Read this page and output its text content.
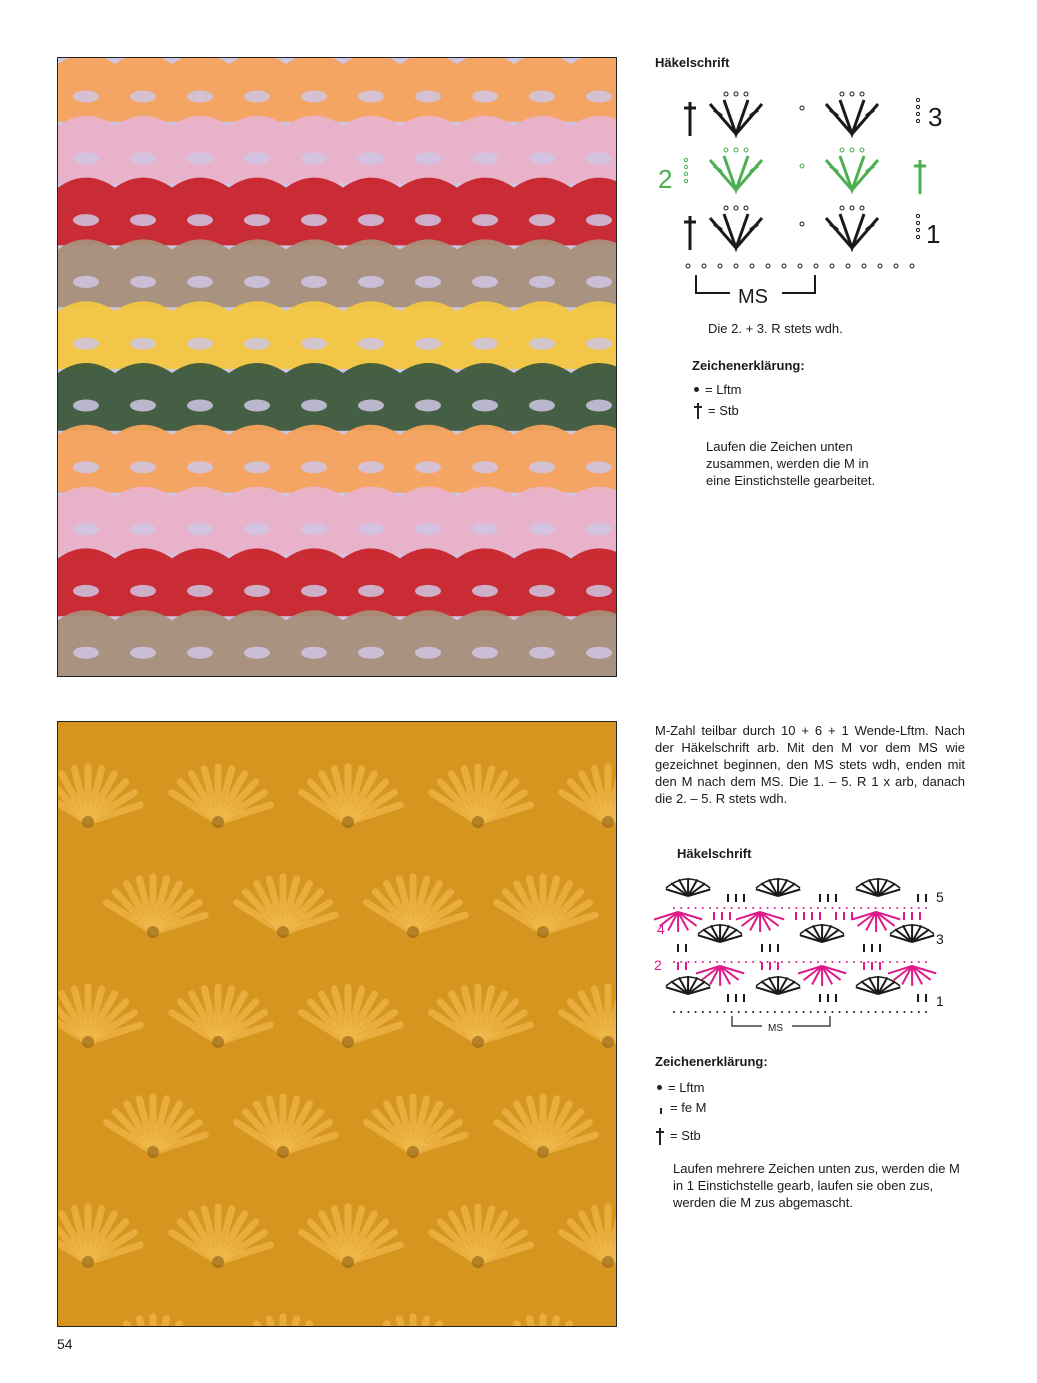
Häkelschrift
3
2
1
MS
Die 2. + 3. R stets wdh.
Zeichenerklärung:
= Lftm
= Stb
Laufen die Zeichen unten zusammen, werden die M in eine Einstichstelle gearbeitet.
M-Zahl teilbar durch 10 + 6 + 1 Wende-Lftm. Nach der Häkelschrift arb. Mit den M vor dem MS wie gezeichnet beginnen, den MS stets wdh, enden mit den M nach dem MS. Die 1. – 5. R 1 x arb, danach die 2. – 5. R stets wdh.
Häkelschrift
5
3
1
4
2
MS
Zeichenerklärung:
= Lftm
= fe M
= Stb
Laufen mehrere Zeichen unten zus, werden die M in 1 Einstichstelle gearb, laufen sie oben zus, werden die M zus abgemascht.
54
